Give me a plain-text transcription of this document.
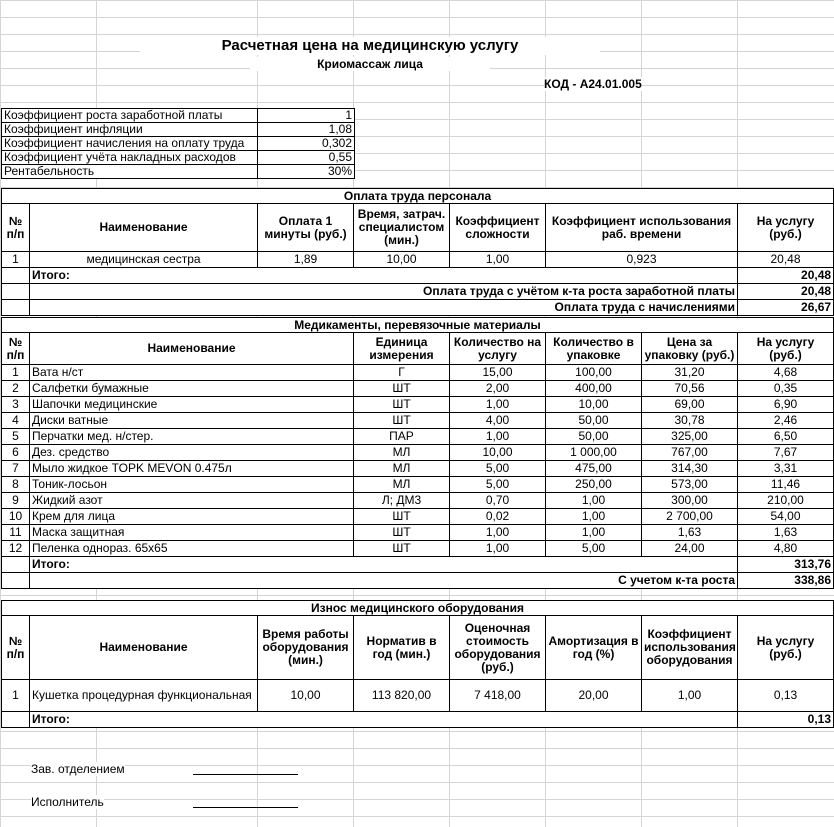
Расчетная цена на медицинскую услугу
Криомассаж лица
КОД - А24.01.005
Коэффициент роста заработной платы	1
Коэффициент инфляции	1,08
Коэффициент начисления на оплату труда	0,302
Коэффициент учёта накладных расходов	0,55
Рентабельность	30%
Оплата труда персонала						
№ п/п	Наименование	Оплата 1 минуты (руб.)	Время, затрач. специалистом (мин.)	Коэффициент сложности	Коэффициент использования раб. времени	На услугу (руб.)
1	медицинская сестра	1,89	10,00	1,00	0,923	20,48
	Итого:					20,48
	Оплата труда с учётом к-та роста заработной платы					20,48
	Оплата труда с начислениями					26,67
Медикаменты, перевязочные материалы						
№ п/п	Наименование	Единица измерения	Количество на услугу	Количество в упаковке	Цена за упаковку (руб.)	На услугу (руб.)
1	Вата н/ст	Г	15,00	100,00	31,20	4,68
2	Салфетки бумажные	ШТ	2,00	400,00	70,56	0,35
3	Шапочки медицинские	ШТ	1,00	10,00	69,00	6,90
4	Диски ватные	ШТ	4,00	50,00	30,78	2,46
5	Перчатки мед. н/стер.	ПАР	1,00	50,00	325,00	6,50
6	Дез. средство	МЛ	10,00	1 000,00	767,00	7,67
7	Мыло жидкое TOPK MEVON 0.475л	МЛ	5,00	475,00	314,30	3,31
8	Тоник-лосьон	МЛ	5,00	250,00	573,00	11,46
9	Жидкий азот	Л; ДМ3	0,70	1,00	300,00	210,00
10	Крем для лица	ШТ	0,02	1,00	2 700,00	54,00
11	Маска защитная	ШТ	1,00	1,00	1,63	1,63
12	Пеленка однораз. 65х65	ШТ	1,00	5,00	24,00	4,80
	Итого:					313,76
	С учетом к-та роста					338,86
Износ медицинского оборудования							
№ п/п	Наименование	Время работы оборудования (мин.)	Норматив в год (мин.)	Оценочная стоимость оборудования (руб.)	Амортизация в год (%)	Коэффициент использования оборудования	На услугу (руб.)
1	Кушетка процедурная функциональная	10,00	113 820,00	7 418,00	20,00	1,00	0,13
	Итого:						0,13
Зав. отделением
Исполнитель
